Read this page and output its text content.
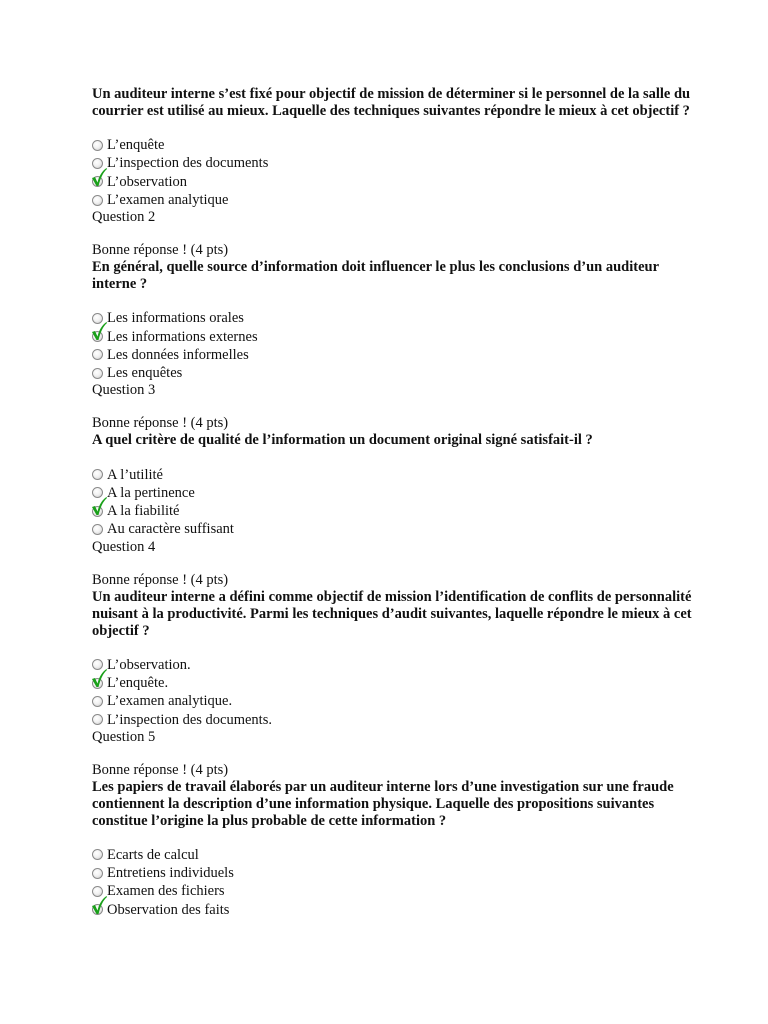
Un auditeur interne s’est fixé pour objectif de mission de déterminer si le personnel de la salle du courrier est utilisé au mieux. Laquelle des techniques suivantes répondre le mieux à cet objectif ?
L’enquête
L’inspection des documents
L’observation
L’examen analytique
Question 2
Bonne réponse ! (4 pts)
En général, quelle source d’information doit influencer le plus les conclusions d’un auditeur interne ?
Les informations orales
Les informations externes
Les données informelles
Les enquêtes
Question 3
Bonne réponse ! (4 pts)
A quel critère de qualité de l’information un document original signé satisfait-il ?
A l’utilité
A la pertinence
A la fiabilité
Au caractère suffisant
Question 4
Bonne réponse ! (4 pts)
Un auditeur interne a défini comme objectif de mission l’identification de conflits de personnalité nuisant à la productivité. Parmi les techniques d’audit suivantes, laquelle répondre le mieux à cet objectif ?
L’observation.
L’enquête.
L’examen analytique.
L’inspection des documents.
Question 5
Bonne réponse ! (4 pts)
Les papiers de travail élaborés par un auditeur interne lors d’une investigation sur une fraude contiennent la description d’une information physique. Laquelle des propositions suivantes constitue l’origine la plus probable de cette information ?
Ecarts de calcul
Entretiens individuels
Examen des fichiers
Observation des faits
